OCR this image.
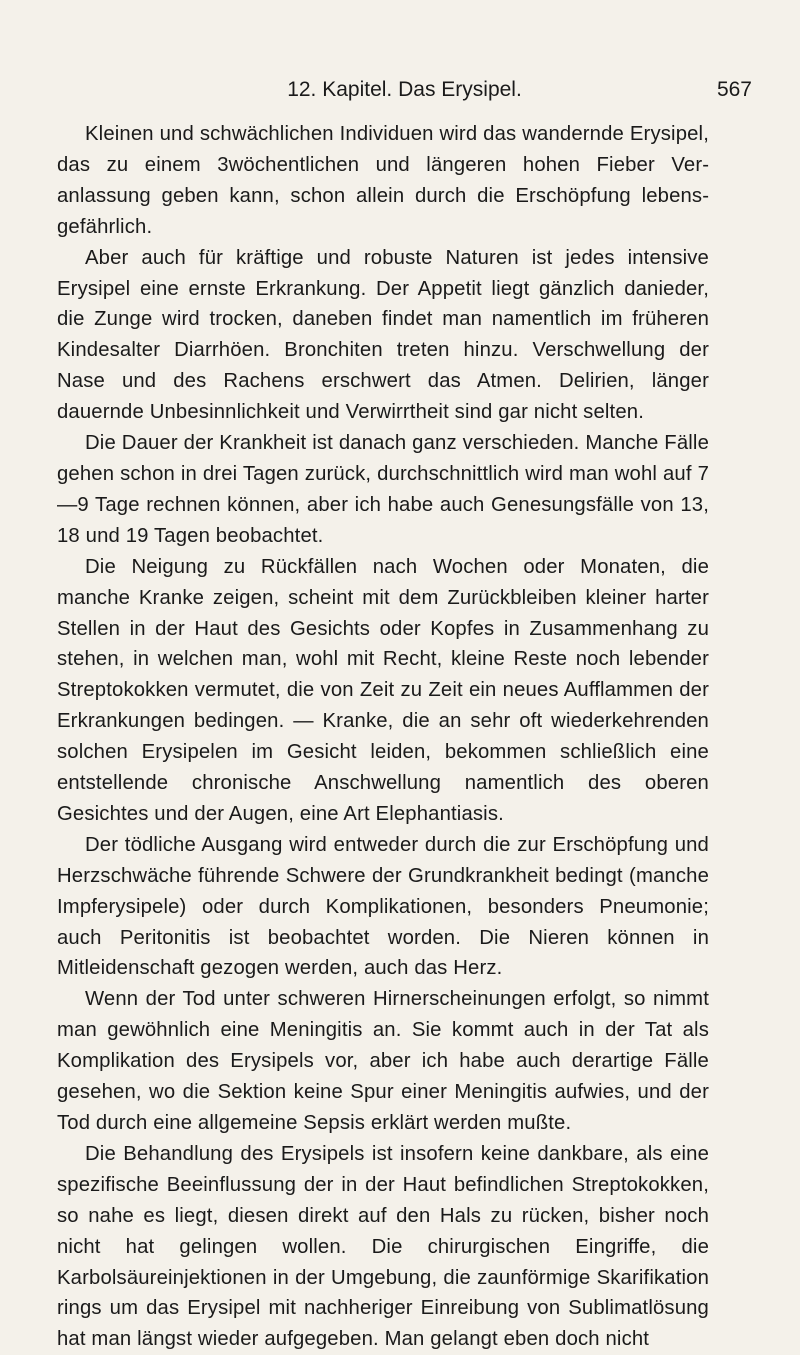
12. Kapitel. Das Erysipel.	567

Kleinen und schwächlichen Individuen wird das wandernde Erysipel, das zu einem 3wöchentlichen und längeren hohen Fieber Veranlassung geben kann, schon allein durch die Erschöpfung lebensgefährlich.

Aber auch für kräftige und robuste Naturen ist jedes intensive Erysipel eine ernste Erkrankung. Der Appetit liegt gänzlich danieder, die Zunge wird trocken, daneben findet man namentlich im früheren Kindesalter Diarrhöen. Bronchiten treten hinzu. Verschwellung der Nase und des Rachens erschwert das Atmen. Delirien, länger dauernde Unbesinnlichkeit und Verwirrtheit sind gar nicht selten.

Die Dauer der Krankheit ist danach ganz verschieden. Manche Fälle gehen schon in drei Tagen zurück, durchschnittlich wird man wohl auf 7—9 Tage rechnen können, aber ich habe auch Genesungsfälle von 13, 18 und 19 Tagen beobachtet.

Die Neigung zu Rückfällen nach Wochen oder Monaten, die manche Kranke zeigen, scheint mit dem Zurückbleiben kleiner harter Stellen in der Haut des Gesichts oder Kopfes in Zusammenhang zu stehen, in welchen man, wohl mit Recht, kleine Reste noch lebender Streptokokken vermutet, die von Zeit zu Zeit ein neues Aufflammen der Erkrankungen bedingen. — Kranke, die an sehr oft wiederkehrenden solchen Erysipelen im Gesicht leiden, bekommen schließlich eine entstellende chronische Anschwellung namentlich des oberen Gesichtes und der Augen, eine Art Elephantiasis.

Der tödliche Ausgang wird entweder durch die zur Erschöpfung und Herzschwäche führende Schwere der Grundkrankheit bedingt (manche Impferysipele) oder durch Komplikationen, besonders Pneumonie; auch Peritonitis ist beobachtet worden. Die Nieren können in Mitleidenschaft gezogen werden, auch das Herz.

Wenn der Tod unter schweren Hirnerscheinungen erfolgt, so nimmt man gewöhnlich eine Meningitis an. Sie kommt auch in der Tat als Komplikation des Erysipels vor, aber ich habe auch derartige Fälle gesehen, wo die Sektion keine Spur einer Meningitis aufwies, und der Tod durch eine allgemeine Sepsis erklärt werden mußte.

Die Behandlung des Erysipels ist insofern keine dankbare, als eine spezifische Beeinflussung der in der Haut befindlichen Streptokokken, so nahe es liegt, diesen direkt auf den Hals zu rücken, bisher noch nicht hat gelingen wollen. Die chirurgischen Eingriffe, die Karbolsäureinjektionen in der Umgebung, die zaunförmige Skarifikation rings um das Erysipel mit nachheriger Einreibung von Sublimatlösung hat man längst wieder aufgegeben. Man gelangt eben doch nicht
